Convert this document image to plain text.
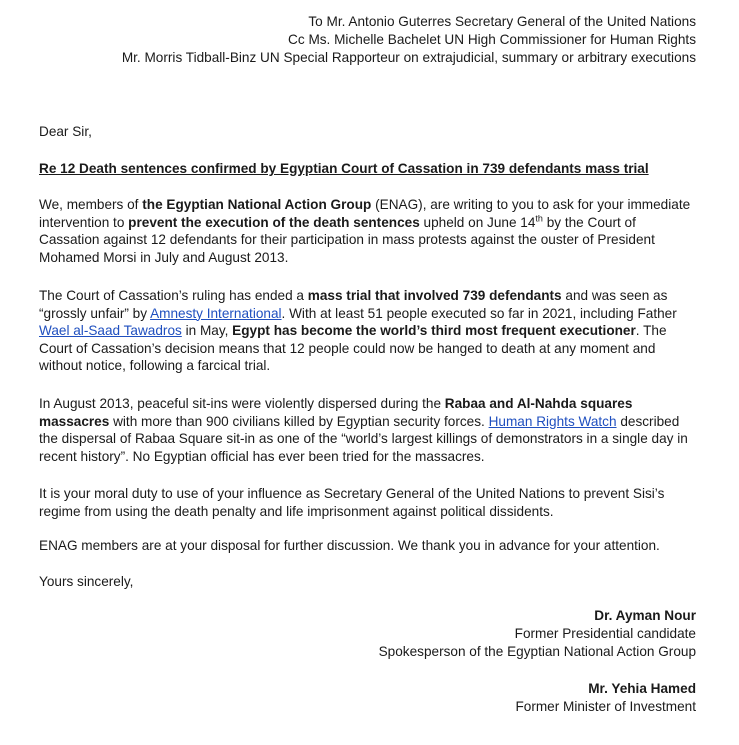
To Mr. Antonio Guterres Secretary General of the United Nations
Cc Ms. Michelle Bachelet UN High Commissioner for Human Rights
Mr. Morris Tidball-Binz UN Special Rapporteur on extrajudicial, summary or arbitrary executions
Dear Sir,
Re 12 Death sentences confirmed by Egyptian Court of Cassation in 739 defendants mass trial

We, members of the Egyptian National Action Group (ENAG), are writing to you to ask for your immediate intervention to prevent the execution of the death sentences upheld on June 14th by the Court of Cassation against 12 defendants for their participation in mass protests against the ouster of President Mohamed Morsi in July and August 2013.

The Court of Cassation’s ruling has ended a mass trial that involved 739 defendants and was seen as “grossly unfair” by Amnesty International. With at least 51 people executed so far in 2021, including Father Wael al-Saad Tawadros in May, Egypt has become the world’s third most frequent executioner. The Court of Cassation’s decision means that 12 people could now be hanged to death at any moment and without notice, following a farcical trial.

In August 2013, peaceful sit-ins were violently dispersed during the Rabaa and Al-Nahda squares massacres with more than 900 civilians killed by Egyptian security forces. Human Rights Watch described the dispersal of Rabaa Square sit-in as one of the “world’s largest killings of demonstrators in a single day in recent history”. No Egyptian official has ever been tried for the massacres.

It is your moral duty to use of your influence as Secretary General of the United Nations to prevent Sisi’s regime from using the death penalty and life imprisonment against political dissidents.

ENAG members are at your disposal for further discussion. We thank you in advance for your attention.

Yours sincerely,
Dr. Ayman Nour
Former Presidential candidate
Spokesperson of the Egyptian National Action Group
Mr. Yehia Hamed
Former Minister of Investment
